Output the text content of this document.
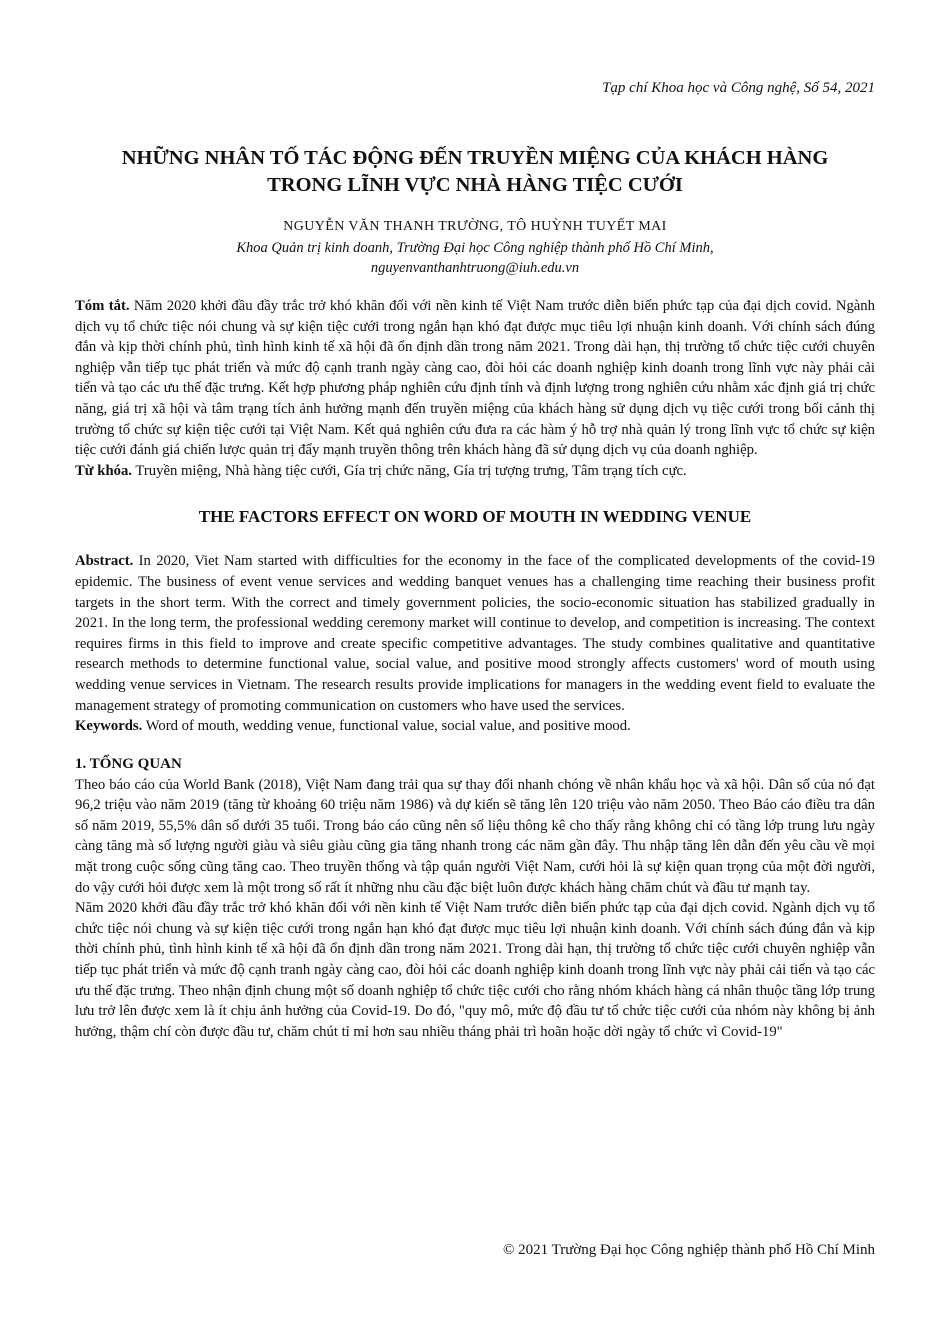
Tạp chí Khoa học và Công nghệ, Số 54, 2021
NHỮNG NHÂN TỐ TÁC ĐỘNG ĐẾN TRUYỀN MIỆNG CỦA KHÁCH HÀNG TRONG LĨNH VỰC NHÀ HÀNG TIỆC CƯỚI
NGUYỄN VĂN THANH TRƯỜNG, TÔ HUỲNH TUYẾT MAI
Khoa Quản trị kinh doanh, Trường Đại học Công nghiệp thành phố Hồ Chí Minh,
nguyenvanthanhtruong@iuh.edu.vn

Tóm tắt. Năm 2020 khởi đầu đầy trắc trở khó khăn đối với nền kinh tế Việt Nam trước diễn biến phức tạp của đại dịch covid. Ngành dịch vụ tổ chức tiệc nói chung và sự kiện tiệc cưới trong ngắn hạn khó đạt được mục tiêu lợi nhuận kinh doanh. Với chính sách đúng đắn và kịp thời chính phủ, tình hình kinh tế xã hội đã ổn định dần trong năm 2021. Trong dài hạn, thị trường tổ chức tiệc cưới chuyên nghiệp vẫn tiếp tục phát triển và mức độ cạnh tranh ngày càng cao, đòi hỏi các doanh nghiệp kinh doanh trong lĩnh vực này phải cải tiến và tạo các ưu thế đặc trưng. Kết hợp phương pháp nghiên cứu định tính và định lượng trong nghiên cứu nhằm xác định giá trị chức năng, giá trị xã hội và tâm trạng tích ảnh hưởng mạnh đến truyền miệng của khách hàng sử dụng dịch vụ tiệc cưới trong bối cảnh thị trường tổ chức sự kiện tiệc cưới tại Việt Nam. Kết quả nghiên cứu đưa ra các hàm ý hỗ trợ nhà quản lý trong lĩnh vực tổ chức sự kiện tiệc cưới đánh giá chiến lược quản trị đẩy mạnh truyền thông trên khách hàng đã sử dụng dịch vụ của doanh nghiệp.

Từ khóa. Truyền miệng, Nhà hàng tiệc cưới, Gía trị chức năng, Gía trị tượng trưng, Tâm trạng tích cực.

THE FACTORS EFFECT ON WORD OF MOUTH IN WEDDING VENUE

Abstract. In 2020, Viet Nam started with difficulties for the economy in the face of the complicated developments of the covid-19 epidemic. The business of event venue services and wedding banquet venues has a challenging time reaching their business profit targets in the short term. With the correct and timely government policies, the socio-economic situation has stabilized gradually in 2021. In the long term, the professional wedding ceremony market will continue to develop, and competition is increasing. The context requires firms in this field to improve and create specific competitive advantages. The study combines qualitative and quantitative research methods to determine functional value, social value, and positive mood strongly affects customers' word of mouth using wedding venue services in Vietnam. The research results provide implications for managers in the wedding event field to evaluate the management strategy of promoting communication on customers who have used the services.

Keywords. Word of mouth, wedding venue, functional value, social value, and positive mood.

1. TỔNG QUAN

Theo báo cáo của World Bank (2018), Việt Nam đang trải qua sự thay đổi nhanh chóng về nhân khẩu học và xã hội. Dân số của nó đạt 96,2 triệu vào năm 2019 (tăng từ khoảng 60 triệu năm 1986) và dự kiến sẽ tăng lên 120 triệu vào năm 2050. Theo Báo cáo điều tra dân số năm 2019, 55,5% dân số dưới 35 tuổi. Trong báo cáo cũng nên số liệu thông kê cho thấy rằng không chỉ có tầng lớp trung lưu ngày càng tăng mà số lượng người giàu và siêu giàu cũng gia tăng nhanh trong các năm gần đây. Thu nhập tăng lên dẫn đến yêu cầu về mọi mặt trong cuộc sống cũng tăng cao. Theo truyền thống và tập quán người Việt Nam, cưới hỏi là sự kiện quan trọng của một đời người, do vậy cưới hỏi được xem là một trong số rất ít những nhu cầu đặc biệt luôn được khách hàng chăm chút và đầu tư mạnh tay.

Năm 2020 khởi đầu đầy trắc trở khó khăn đối với nền kinh tế Việt Nam trước diễn biến phức tạp của đại dịch covid. Ngành dịch vụ tổ chức tiệc nói chung và sự kiện tiệc cưới trong ngắn hạn khó đạt được mục tiêu lợi nhuận kinh doanh. Với chính sách đúng đắn và kịp thời chính phủ, tình hình kinh tế xã hội đã ổn định dần trong năm 2021. Trong dài hạn, thị trường tổ chức tiệc cưới chuyên nghiệp vẫn tiếp tục phát triển và mức độ cạnh tranh ngày càng cao, đòi hỏi các doanh nghiệp kinh doanh trong lĩnh vực này phải cải tiến và tạo các ưu thế đặc trưng. Theo nhận định chung một số doanh nghiệp tổ chức tiệc cưới cho rằng nhóm khách hàng cá nhân thuộc tầng lớp trung lưu trở lên được xem là ít chịu ảnh hưởng của Covid-19. Do đó, "quy mô, mức độ đầu tư tổ chức tiệc cưới của nhóm này không bị ảnh hưởng, thậm chí còn được đầu tư, chăm chút tỉ mỉ hơn sau nhiều tháng phải trì hoãn hoặc dời ngày tổ chức vì Covid-19"

© 2021 Trường Đại học Công nghiệp thành phố Hồ Chí Minh
